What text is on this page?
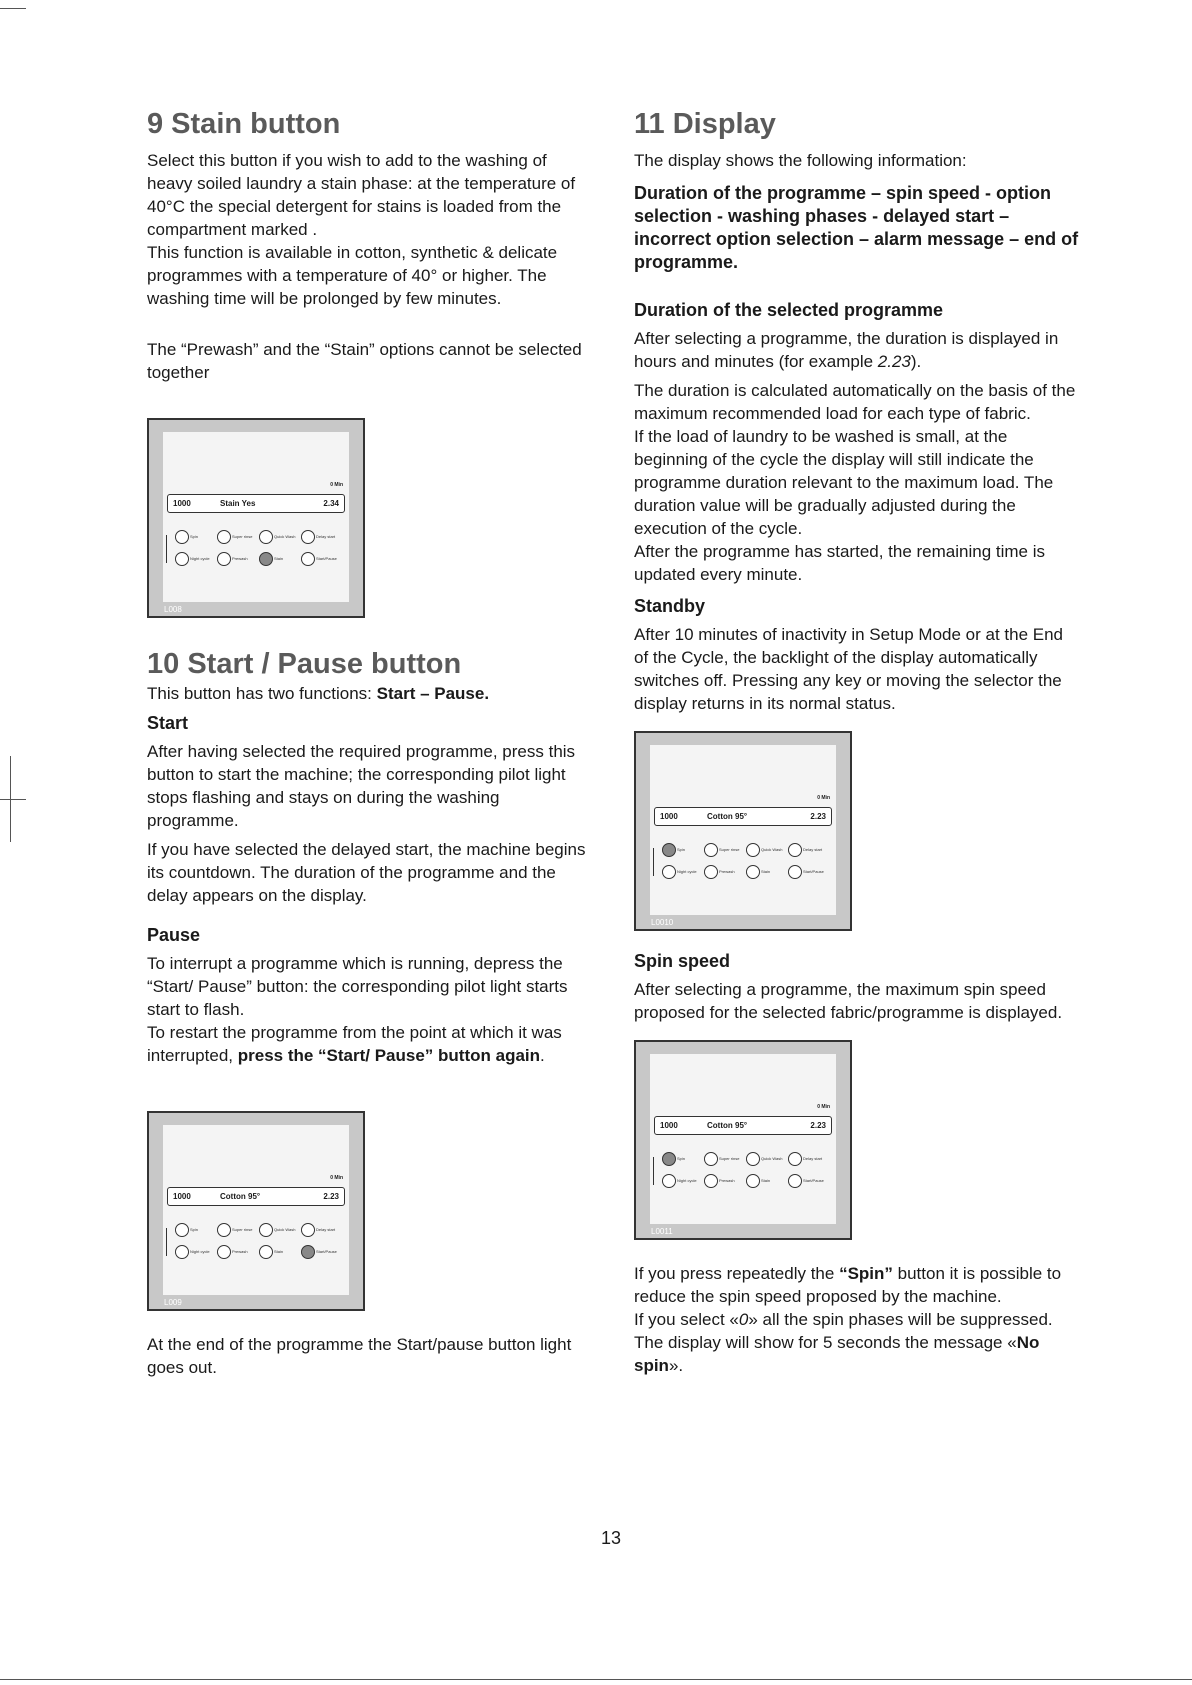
9 Stain button

Select this button if you wish to add to the washing of heavy soiled laundry a stain phase: at the temperature of 40°C the special detergent for stains is loaded from the compartment marked .

This function is available in cotton, synthetic & delicate programmes with a temperature of 40° or higher. The washing time will be prolonged by few minutes.

The “Prewash” and the “Stain” options cannot be selected together

0 Min
1000	Stain Yes	2.34
Spin	Super rinse	Quick Wash	Delay start
Night cycle	Prewash	Stain	Start/Pause
L008
10 Start / Pause button

This button has two functions: Start – Pause.

Start

After having selected the required programme, press this button to start the machine; the corresponding pilot light stops flashing and stays on during the washing programme.

If you have selected the delayed start, the machine begins its countdown. The duration of the programme and the delay appears on the display.

Pause

To interrupt a programme which is running, depress the “Start/ Pause” button: the corresponding pilot light starts start to flash.

To restart the programme from the point at which it was interrupted, press the “Start/ Pause” button again.

0 Min
1000	Cotton 95°	2.23
Spin	Super rinse	Quick Wash	Delay start
Night cycle	Prewash	Stain	Start/Pause
L009

At the end of the programme the Start/pause button light goes out.

11 Display

The display shows the following information:

Duration of the programme – spin speed - option selection - washing phases - delayed start – incorrect option selection – alarm message – end of programme.

Duration of the selected programme

After selecting a programme, the duration is displayed in hours and minutes (for example 2.23).

The duration is calculated automatically on the basis of the maximum recommended load for each type of fabric.

If the load of laundry to be washed is small, at the beginning of the cycle the display will still indicate the programme duration relevant to the maximum load. The duration value will be gradually adjusted during the execution of the cycle.

After the programme has started, the remaining time is updated every minute.

Standby

After 10 minutes of inactivity in Setup Mode or at the End of the Cycle, the backlight of the display automatically switches off. Pressing any key or moving the selector the display returns in its normal status.

0 Min
1000	Cotton 95°	2.23
Spin	Super rinse	Quick Wash	Delay start
Night cycle	Prewash	Stain	Start/Pause
L0010
Spin speed

After selecting a programme, the maximum spin speed proposed for the selected fabric/programme is displayed.

0 Min
1000	Cotton 95°	2.23
Spin	Super rinse	Quick Wash	Delay start
Night cycle	Prewash	Stain	Start/Pause
L0011

If you press repeatedly the “Spin” button it is possible to reduce the spin speed proposed by the machine.

If you select «0» all the spin phases will be suppressed.

The display will show for 5 seconds the message «No spin».

13
